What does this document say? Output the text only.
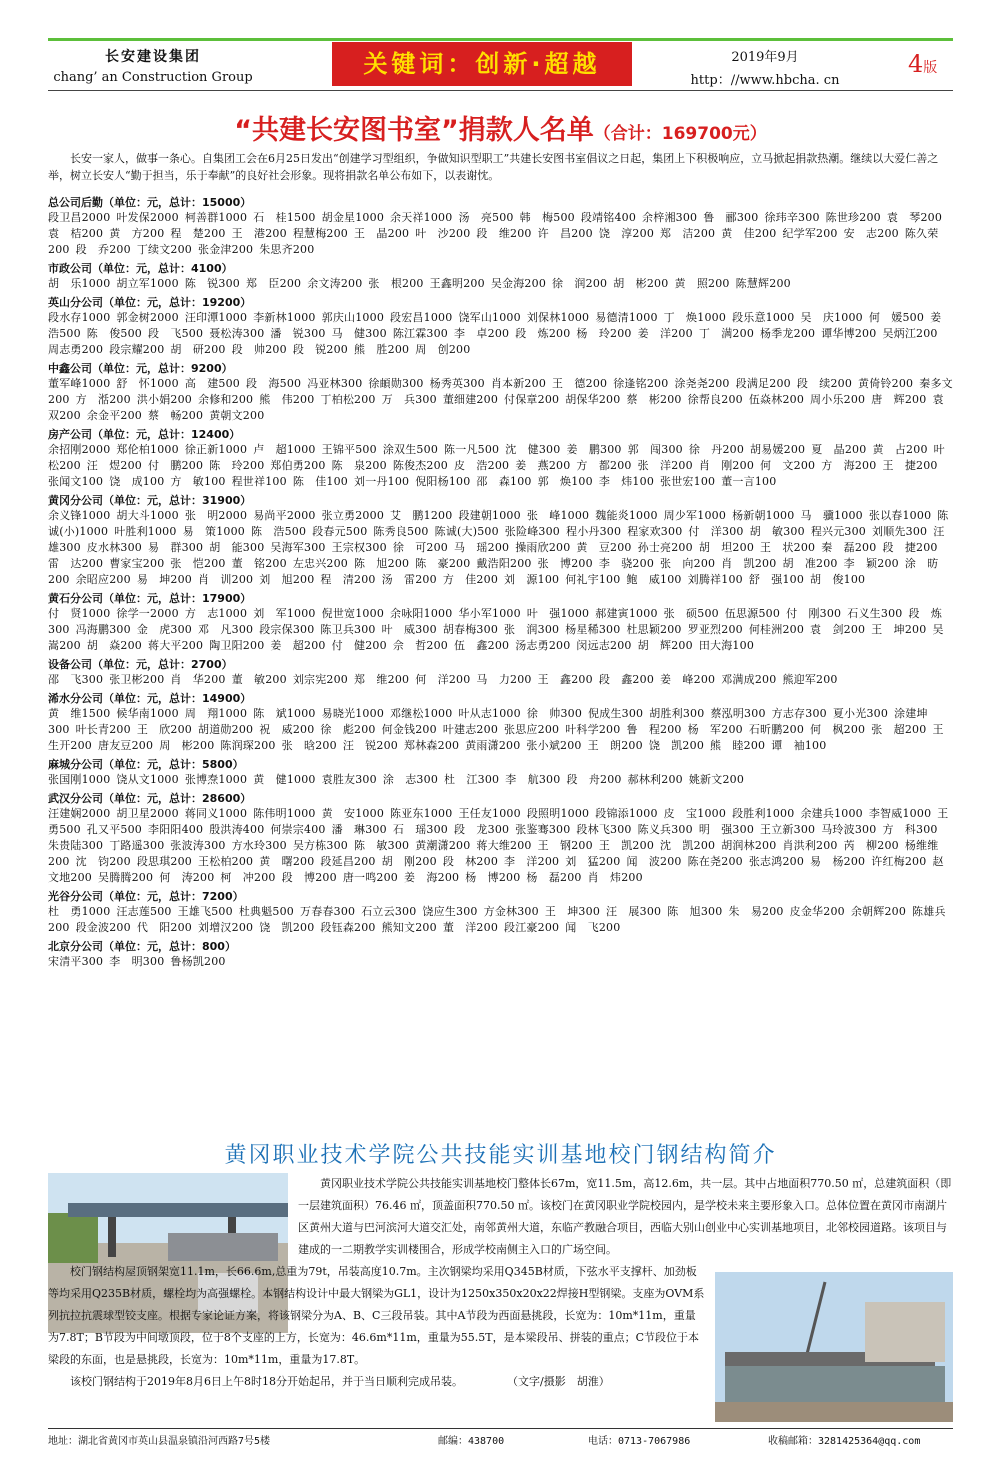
长安建设集团
chang’ an Construction Group	关键词：创新·超越	2019年9月
http：//www.hbcha. cn
4版
“共建长安图书室”捐款人名单（合计：169700元）
长安一家人，做事一条心。自集团工会在6月25日发出“创建学习型组织，争做知识型职工”共建长安图书室倡议之日起，集团上下积极响应，立马掀起捐款热潮。继续以大爱仁善之举，树立长安人“勤于担当，乐于奉献”的良好社会形象。现将捐款名单公布如下，以表谢忱。
总公司后勤（单位：元，总计：15000）
段卫昌2000 叶发保2000 柯善群1000 石　桂1500 胡金星1000 余天祥1000 汤　亮500 韩　梅500 段靖铭400 余梓湘300 鲁　郦300 徐玮辛300 陈世珍200 袁　琴200袁　桔200 黄　方200 程　楚200 王　港200 程慧梅200 王　晶200 叶　沙200 段　维200 许　昌200 饶　淳200 郑　洁200 黄　佳200 纪学军200 安　志200 陈久荣200 段　乔200 丁续文200 张金津200 朱思齐200
市政公司（单位：元，总计：4100）
胡　乐1000 胡立军1000 陈　锐300 郑　臣200 余文涛200 张　根200 王鑫明200 吴金海200 徐　润200 胡　彬200 黄　照200 陈慧辉200
英山分公司（单位：元，总计：19200）
段水存1000 郭金树2000 汪印潭1000 李新林1000 郭庆山1000 段宏昌1000 饶军山1000 刘保林1000 易德清1000 丁　焕1000 段乐意1000 吴　庆1000 何　媛500 姜　浩500 陈　俊500 段　飞500 聂松涛300 潘　锐300 马　健300 陈江霖300 李　卓200 段　炼200 杨　玲200 姜　洋200 丁　满200 杨季龙200 谭华博200 吴炳江200周志勇200 段宗耀200 胡　研200 段　帅200 段　锐200 熊　胜200 周　创200
中鑫公司（单位：元，总计：9200）
董军峰1000 舒　怀1000 高　建500 段　海500 冯亚林300 徐頔勋300 杨秀英300 肖本新200 王　德200 徐逢铭200 涂尧尧200 段满足200 段　续200 黄倚铃200 秦多文200 方　湉200 洪小娟200 余修和200 熊　伟200 丁柏松200 万　兵300 董细建200 付保章200 胡保华200 蔡　彬200 徐帮良200 伍焱林200 周小乐200 唐　辉200 袁　双200 余金平200 蔡　畅200 黄朝文200
房产公司（单位：元，总计：12400）
余招刚2000 郑伦柏1000 徐正新1000 卢　超1000 王锦平500 涂双生500 陈一凡500 沈　健300 姜　鹏300 郭　闯300 徐　丹200 胡易媛200 夏　晶200 黄　占200 叶　松200 汪　煜200 付　鹏200 陈　玲200 郑伯勇200 陈　泉200 陈俊杰200 皮　浩200 姜　燕200 方　都200 张　洋200 肖　刚200 何　文200 方　海200 王　捷200张闻文100 饶　成100 方　敏100 程世祥100 陈　佳100 刘一丹100 倪阳杨100 邵　森100 郭　焕100 李　炜100 张世宏100 董一言100
黄冈分公司（单位：元，总计：31900）
余义锋1000 胡大斗1000 张　明2000 易尚平2000 张立勇2000 艾　鹏1200 段建朝1000 张　峰1000 魏能炎1000 周少军1000 杨新朝1000 马　骥1000 张以春1000 陈诚(小)1000 叶胜利1000 易　策1000 陈　浩500 段春元500 陈秀良500 陈诚(大)500 张险峰300 程小丹300 程家欢300 付　洋300 胡　敏300 程兴元300 刘顺先300 汪　雄300 皮水林300 易　群300 胡　能300 吴海军300 王宗权300 徐　可200 马　瑶200 操雨欣200 黄　豆200 孙士亮200 胡　坦200 王　状200 秦　磊200 段　捷200雷　达200 曹家宝200 张　恺200 董　铭200 左忠兴200 陈　旭200 陈　豪200 戴浩阳200 张　博200 李　骁200 张　向200 肖　凯200 胡　准200 李　颖200 涂　昉200 余昭应200 易　坤200 肖　训200 刘　旭200 程　清200 汤　雷200 方　佳200 刘　源100 何礼宇100 鲍　威100 刘腾祥100 舒　强100 胡　俊100
黄石分公司（单位：元，总计：17900）
付　贤1000 徐学一2000 方　志1000 刘　军1000 倪世宽1000 余咏阳1000 华小军1000 叶　强1000 郝建寅1000 张　硕500 伍思源500 付　刚300 石义生300 段　炼300 冯海鹏300 金　虎300 邓　凡300 段宗保300 陈卫兵300 叶　威300 胡春梅300 张　润300 杨星稀300 杜思颖200 罗亚烈200 何桂洲200 袁　剑200 王　坤200 吴　嵩200 胡　焱200 蒋大平200 陶卫阳200 姜　超200 付　健200 佘　哲200 伍　鑫200 汤志勇200 闵远志200 胡　辉200 田大海100
设备公司（单位：元，总计：2700）
邵　飞300 张卫彬200 肖　华200 董　敏200 刘宗宪200 郑　维200 何　洋200 马　力200 王　鑫200 段　鑫200 姜　峰200 邓满成200 熊迎军200
浠水分公司（单位：元，总计：14900）
黄　维1500 候华南1000 周　翔1000 陈　斌1000 易晓光1000 邓继松1000 叶从志1000 徐　帅300 倪成生300 胡胜利300 蔡泓明300 方志存300 夏小光300 涂建坤300 叶长青200 王　欣200 胡道勋200 祝　威200 徐　彪200 何金钱200 叶建志200 张思应200 叶科学200 鲁　程200 杨　军200 石昕鹏200 何　枫200 张　超200 王生开200 唐友豆200 周　彬200 陈润琛200 张　晗200 汪　锐200 郑林森200 黄雨潇200 张小斌200 王　朗200 饶　凯200 熊　睦200 谭　袖100
麻城分公司（单位：元，总计：5800）
张国刚1000 饶从文1000 张博焘1000 黄　健1000 袁胜友300 涂　志300 杜　江300 李　航300 段　舟200 郝林利200 姚新文200
武汉分公司（单位：元，总计：28600）
汪建娴2000 胡卫星2000 蒋同义1000 陈伟明1000 黄　安1000 陈亚东1000 王任友1000 段照明1000 段锦添1000 皮　宝1000 段胜利1000 余建兵1000 李智威1000 王　勇500 孔又平500 李阳阳400 殷洪涛400 何崇宗400 潘　琳300 石　瑶300 段　龙300 张鉴骞300 段林飞300 陈义兵300 明　强300 王立新300 马玲波300 方　科300朱贵陆300 丁路遥300 张波涛300 方水玲300 吴方栋300 陈　敏300 黄潮潇200 蒋大维200 王　钢200 王　凯200 沈　凯200 胡润林200 肖洪利200 芮　柳200 杨维维200 沈　钧200 段思琪200 王松柏200 黄　曙200 段延昌200 胡　刚200 段　林200 李　洋200 刘　猛200 闻　波200 陈在尧200 张志鸿200 易　杨200 许红梅200 赵文地200 吴腾腾200 何　涛200 柯　冲200 段　博200 唐一鸣200 姜　海200 杨　博200 杨　磊200 肖　炜200
光谷分公司（单位：元，总计：7200）
杜　勇1000 汪志莲500 王雄飞500 杜典魁500 万春春300 石立云300 饶应生300 方金林300 王　坤300 汪　展300 陈　旭300 朱　易200 皮金华200 余朝辉200 陈雄兵200 段金波200 代　阳200 刘增汉200 饶　凯200 段钰森200 熊知文200 董　洋200 段江豪200 闻　飞200
北京分公司（单位：元，总计：800）
宋清平300 李　明300 鲁杨凯200
黄冈职业技术学院公共技能实训基地校门钢结构简介

黄冈职业技术学院公共技能实训基地校门整体长67m，宽11.5m，高12.6m，共一层。其中占地面积770.50 ㎡，总建筑面积（即一层建筑面积）76.46 ㎡，顶盖面积770.50 ㎡。该校门在黄冈职业学院校园内，是学校未来主要形象入口。总体位置在黄冈市南湖片区黄州大道与巴河滨河大道交汇处，南邻黄州大道，东临产教融合项目，西临大别山创业中心实训基地项目，北邻校园道路。该项目与建成的一二期教学实训楼围合，形成学校南侧主入口的广场空间。

校门钢结构屋顶钢架宽11.1m，长66.6m,总重为79t，吊装高度10.7m。主次钢梁均采用Q345B材质，下弦水平支撑杆、加劲板等均采用Q235B材质，螺栓均为高强螺栓。本钢结构设计中最大钢梁为GL1，设计为1250x350x20x22焊接H型钢梁。支座为OVM系列抗拉抗震球型铰支座。根据专家论证方案，将该钢梁分为A、B、C三段吊装。其中A节段为西面悬挑段，长宽为：10m*11m，重量为7.8T；B节段为中间墩顶段，位于8个支座的上方，长宽为：46.6m*11m，重量为55.5T，是本梁段吊、拼装的重点；C节段位于本梁段的东面，也是悬挑段，长宽为：10m*11m，重量为17.8T。

该校门钢结构于2019年8月6日上午8时18分开始起吊，并于当日顺利完成吊装。　　　　　	（文字/摄影　胡淮）

地址：湖北省黄冈市英山县温泉镇沿河西路7号5楼	邮编：438700	电话：0713-7067986	收稿邮箱：3281425364@qq.com
